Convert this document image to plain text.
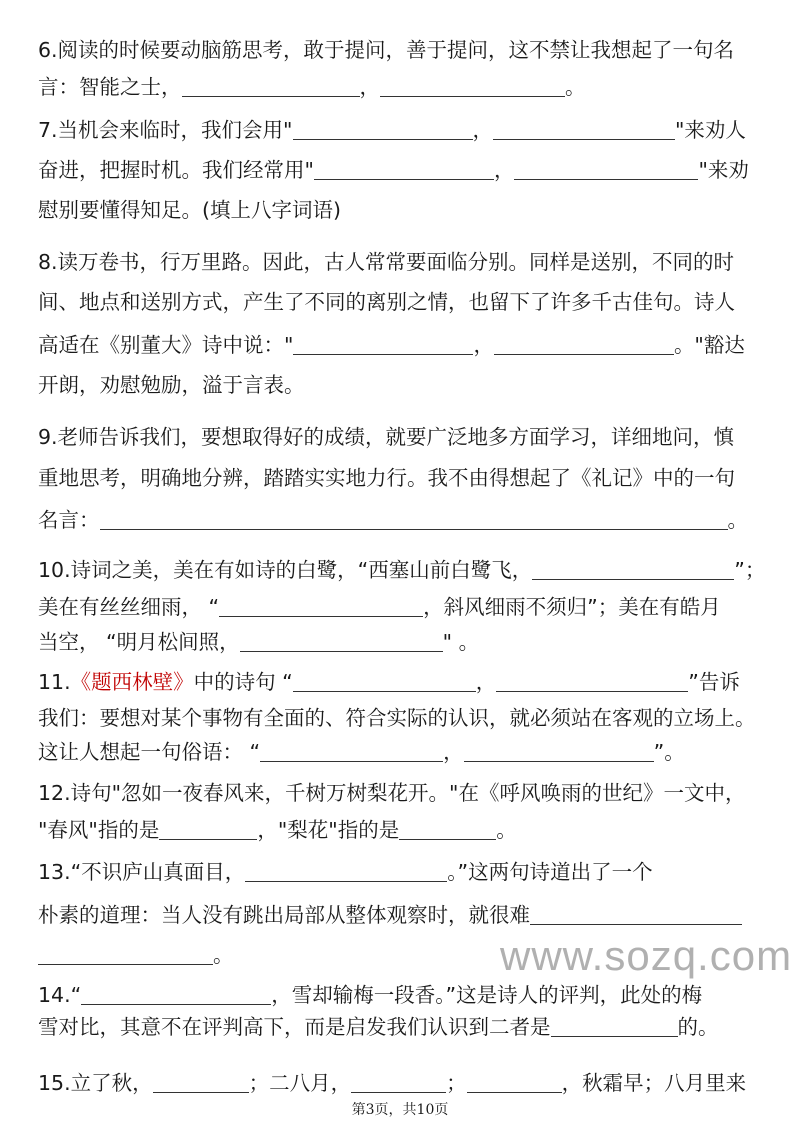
6.阅读的时候要动脑筋思考，敢于提问，善于提问，这不禁让我想起了一句名
言：智能之士，	，	。
7.当机会来临时，我们会用"	，	"来劝人
奋进，把握时机。我们经常用"	，	"来劝
慰别要懂得知足。(填上八字词语)
8.读万卷书，行万里路。因此，古人常常要面临分别。同样是送别，不同的时
间、地点和送别方式，产生了不同的离别之情，也留下了许多千古佳句。诗人
高适在《别董大》诗中说："	，	。"豁达
开朗，劝慰勉励，溢于言表。
9.老师告诉我们，要想取得好的成绩，就要广泛地多方面学习，详细地问，慎
重地思考，明确地分辨，踏踏实实地力行。我不由得想起了《礼记》中的一句
名言：	。
10.诗词之美，美在有如诗的白鹭，“西塞山前白鹭飞，	”；
美在有丝丝细雨， “	，斜风细雨不须归”；美在有皓月
当空， “明月松间照，	" 。
11.《题西林壁》中的诗句 “	，	”告诉
我们：要想对某个事物有全面的、符合实际的认识，就必须站在客观的立场上。
这让人想起一句俗语： “	，	”。
12.诗句"忽如一夜春风来，千树万树梨花开。"在《呼风唤雨的世纪》一文中，
"春风"指的是	，"梨花"指的是	。
13.“不识庐山真面目，	。”这两句诗道出了一个
朴素的道理：当人没有跳出局部从整体观察时，就很难
。	www.sozq.com
14.“	，雪却输梅一段香。”这是诗人的评判，此处的梅
雪对比，其意不在评判高下，而是启发我们认识到二者是	的。
15.立了秋，	；二八月，	；	，秋霜早；八月里来
第3页，共10页
